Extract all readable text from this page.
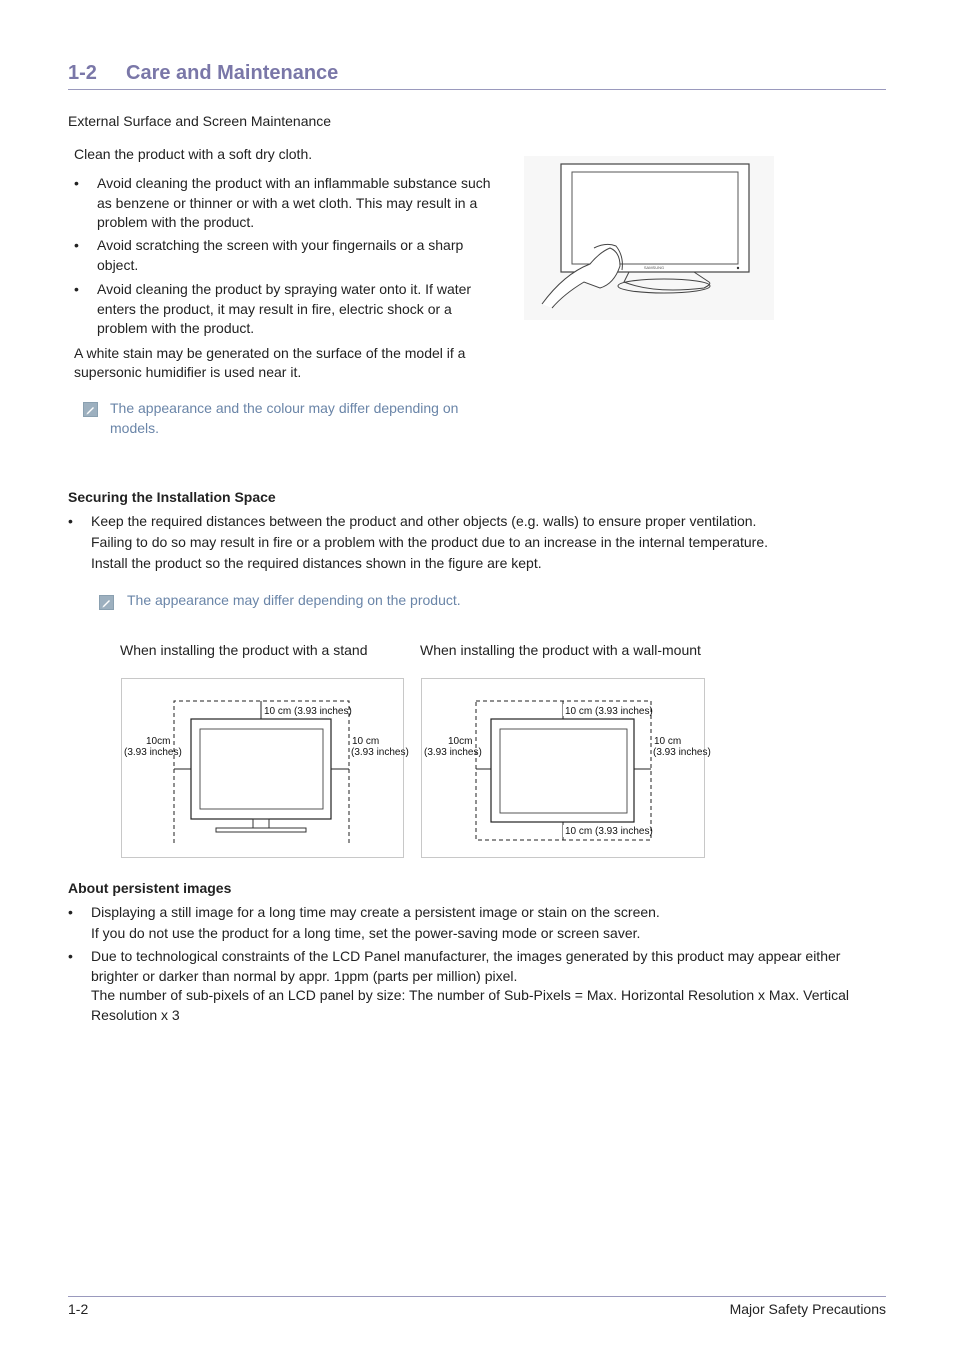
1-2 Care and Maintenance
External Surface and Screen Maintenance
Clean the product with a soft dry cloth.
• Avoid cleaning the product with an inflammable substance such
as benzene or thinner or with a wet cloth. This may result in a
problem with the product.
• Avoid scratching the screen with your fingernails or a sharp
object.
• Avoid cleaning the product by spraying water onto it. If water
enters the product, it may result in fire, electric shock or a
problem with the product.
A white stain may be generated on the surface of the model if a
supersonic humidifier is used near it.
The appearance and the colour may differ depending on
models.
SAMSUNG
Securing the Installation Space
• Keep the required distances between the product and other objects (e.g. walls) to ensure proper ventilation.
Failing to do so may result in fire or a problem with the product due to an increase in the internal temperature.
Install the product so the required distances shown in the figure are kept.
The appearance may differ depending on the product.
When installing the product with a stand	When installing the product with a wall-mount
10 cm (3.93 inches)
10cm
(3.93 inches)
10 cm
(3.93 inches)
10 cm (3.93 inches)
10 cm (3.93 inches)
10cm
(3.93 inches)
10 cm
(3.93 inches)
About persistent images
• Displaying a still image for a long time may create a persistent image or stain on the screen.
If you do not use the product for a long time, set the power-saving mode or screen saver.
• Due to technological constraints of the LCD Panel manufacturer, the images generated by this product may appear either
brighter or darker than normal by appr. 1ppm (parts per million) pixel.
The number of sub-pixels of an LCD panel by size: The number of Sub-Pixels = Max. Horizontal Resolution x Max. Vertical
Resolution x 3
1-2	Major Safety Precautions
